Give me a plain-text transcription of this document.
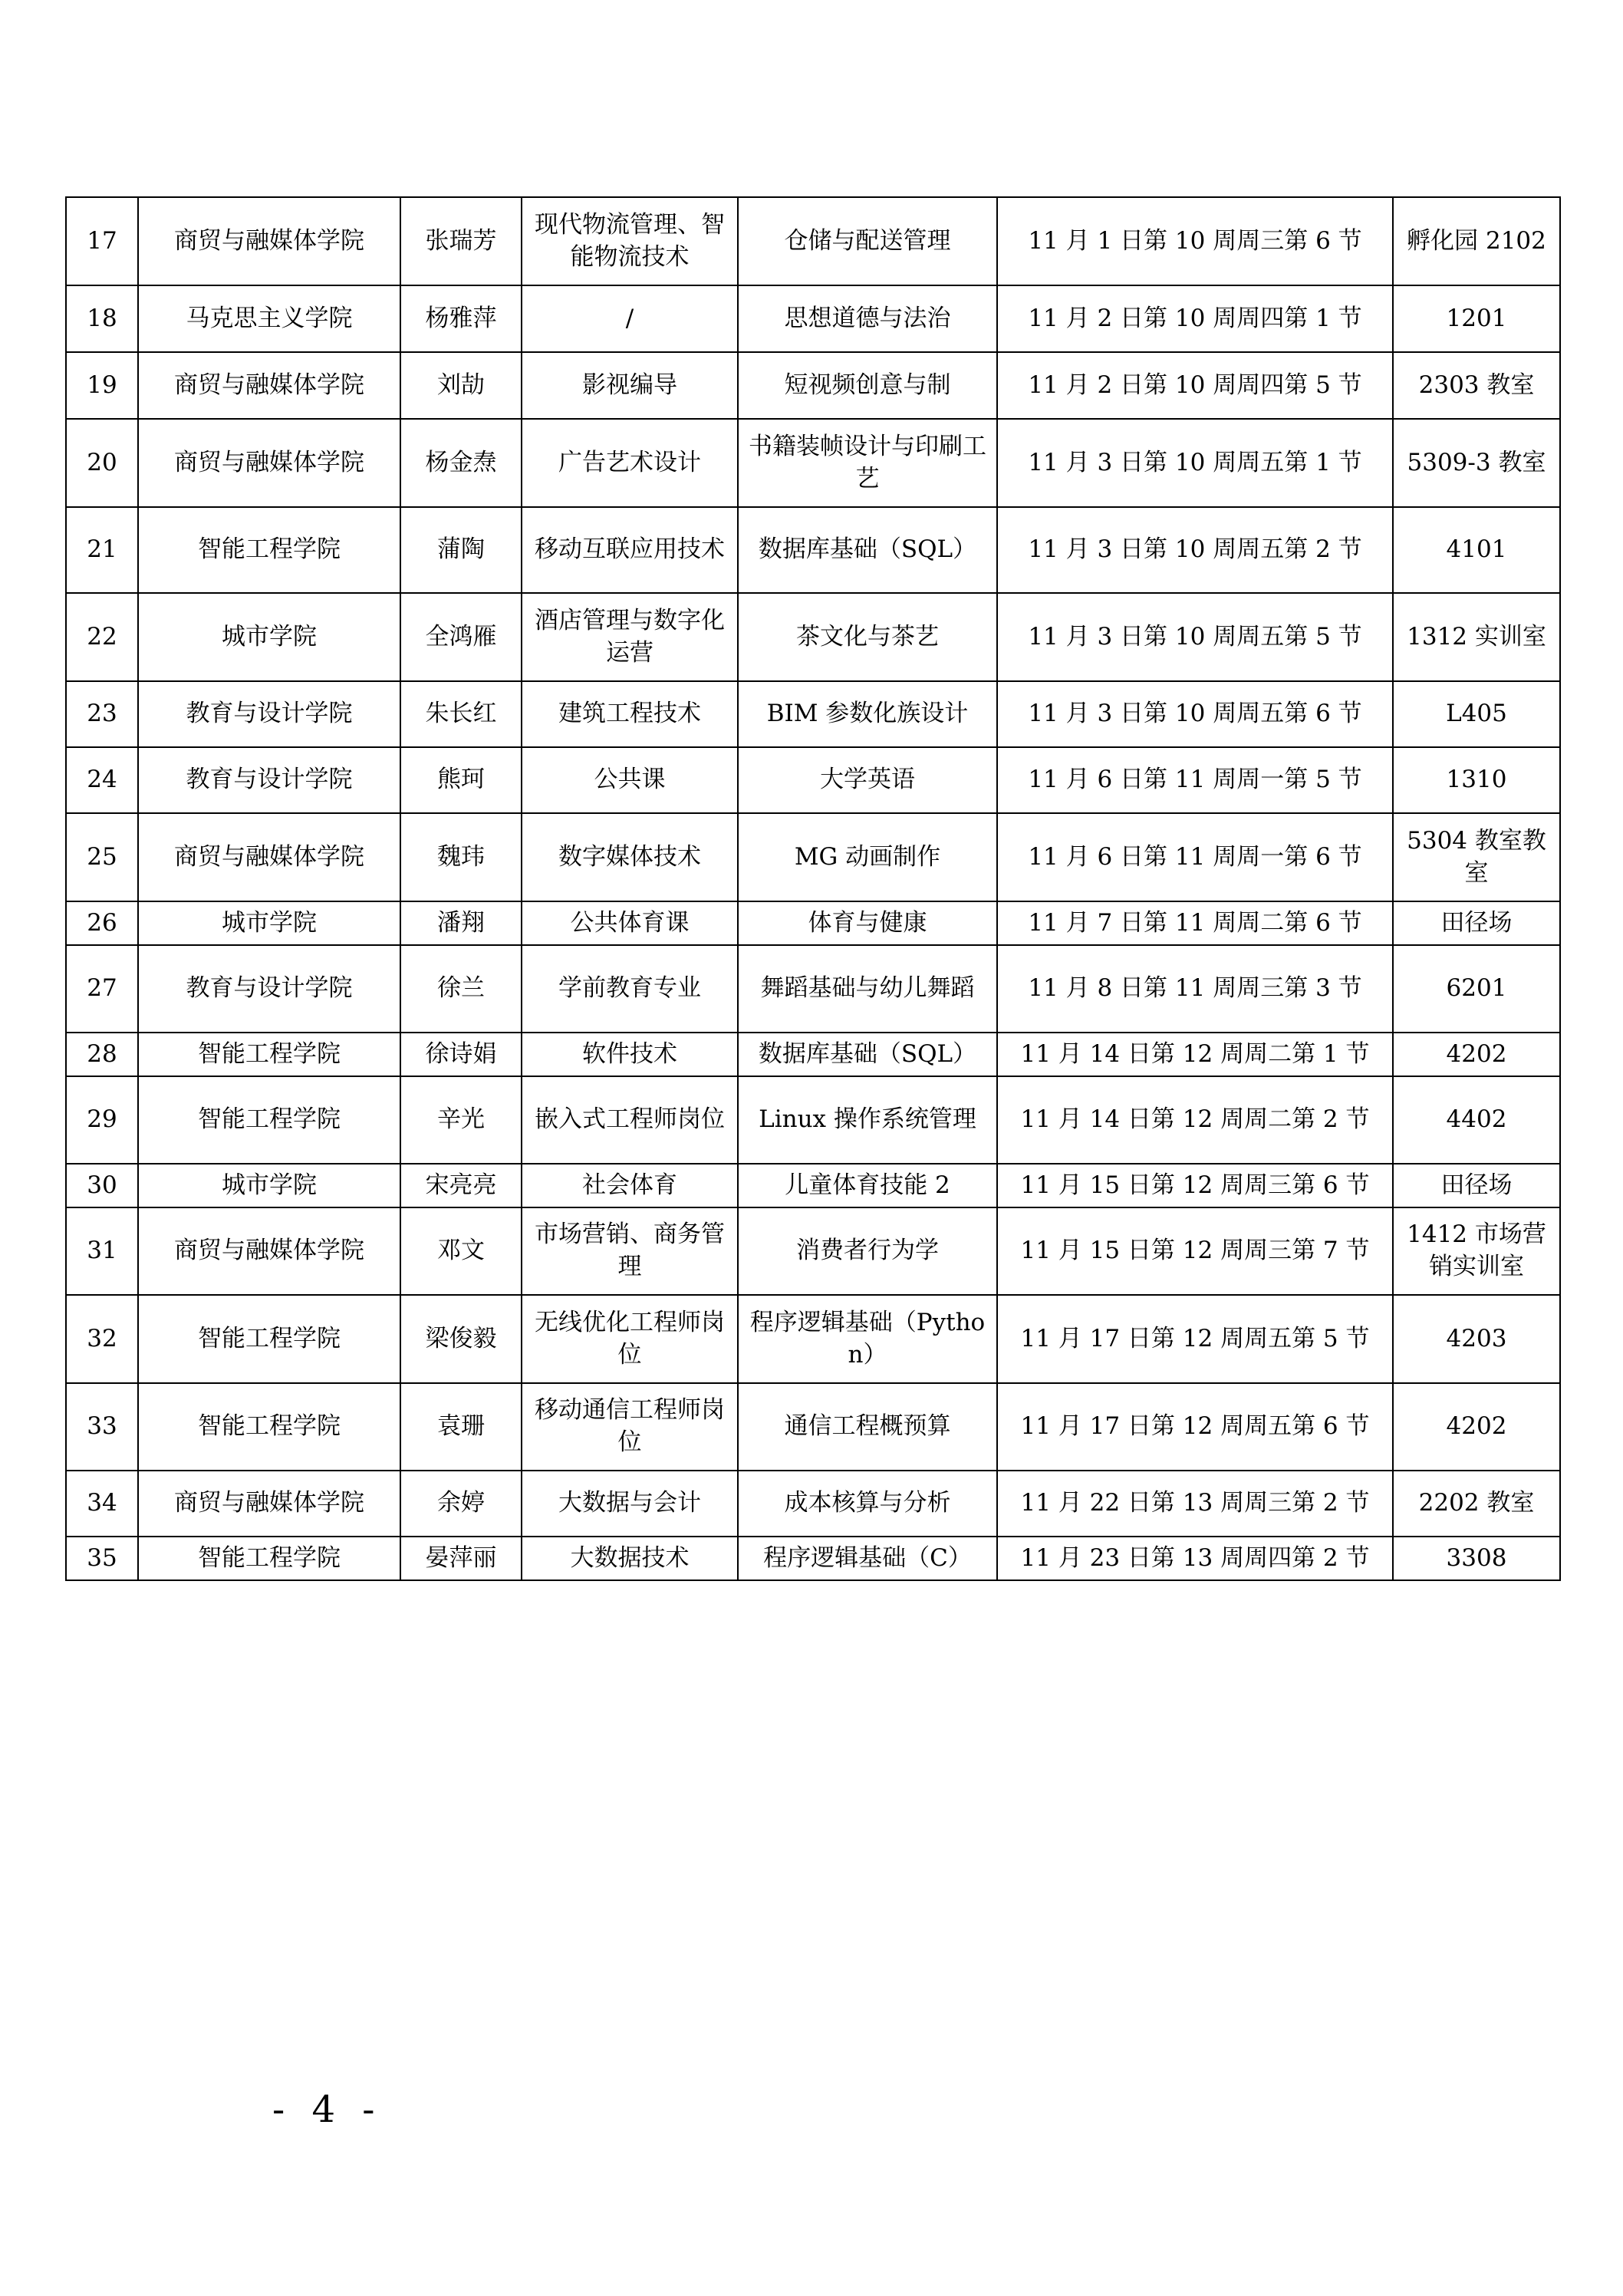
17	商贸与融媒体学院	张瑞芳	现代物流管理、智能物流技术	仓储与配送管理	11 月 1 日第 10 周周三第 6 节	孵化园 2102
18	马克思主义学院	杨雅萍	/	思想道德与法治	11 月 2 日第 10 周周四第 1 节	1201
19	商贸与融媒体学院	刘劼	影视编导	短视频创意与制	11 月 2 日第 10 周周四第 5 节	2303 教室
20	商贸与融媒体学院	杨金焘	广告艺术设计	书籍装帧设计与印刷工艺	11 月 3 日第 10 周周五第 1 节	5309-3 教室
21	智能工程学院	蒲陶	移动互联应用技术	数据库基础（SQL）	11 月 3 日第 10 周周五第 2 节	4101
22	城市学院	全鸿雁	酒店管理与数字化运营	茶文化与茶艺	11 月 3 日第 10 周周五第 5 节	1312 实训室
23	教育与设计学院	朱长红	建筑工程技术	BIM 参数化族设计	11 月 3 日第 10 周周五第 6 节	L405
24	教育与设计学院	熊珂	公共课	大学英语	11 月 6 日第 11 周周一第 5 节	1310
25	商贸与融媒体学院	魏玮	数字媒体技术	MG 动画制作	11 月 6 日第 11 周周一第 6 节	5304 教室教室
26	城市学院	潘翔	公共体育课	体育与健康	11 月 7 日第 11 周周二第 6 节	田径场
27	教育与设计学院	徐兰	学前教育专业	舞蹈基础与幼儿舞蹈	11 月 8 日第 11 周周三第 3 节	6201
28	智能工程学院	徐诗娟	软件技术	数据库基础（SQL）	11 月 14 日第 12 周周二第 1 节	4202
29	智能工程学院	辛光	嵌入式工程师岗位	Linux 操作系统管理	11 月 14 日第 12 周周二第 2 节	4402
30	城市学院	宋亮亮	社会体育	儿童体育技能 2	11 月 15 日第 12 周周三第 6 节	田径场
31	商贸与融媒体学院	邓文	市场营销、商务管理	消费者行为学	11 月 15 日第 12 周周三第 7 节	1412 市场营销实训室
32	智能工程学院	梁俊毅	无线优化工程师岗位	程序逻辑基础（Python）	11 月 17 日第 12 周周五第 5 节	4203
33	智能工程学院	袁珊	移动通信工程师岗位	通信工程概预算	11 月 17 日第 12 周周五第 6 节	4202
34	商贸与融媒体学院	余婷	大数据与会计	成本核算与分析	11 月 22 日第 13 周周三第 2 节	2202 教室
35	智能工程学院	晏萍丽	大数据技术	程序逻辑基础（C）	11 月 23 日第 13 周周四第 2 节	3308
- 4 -
